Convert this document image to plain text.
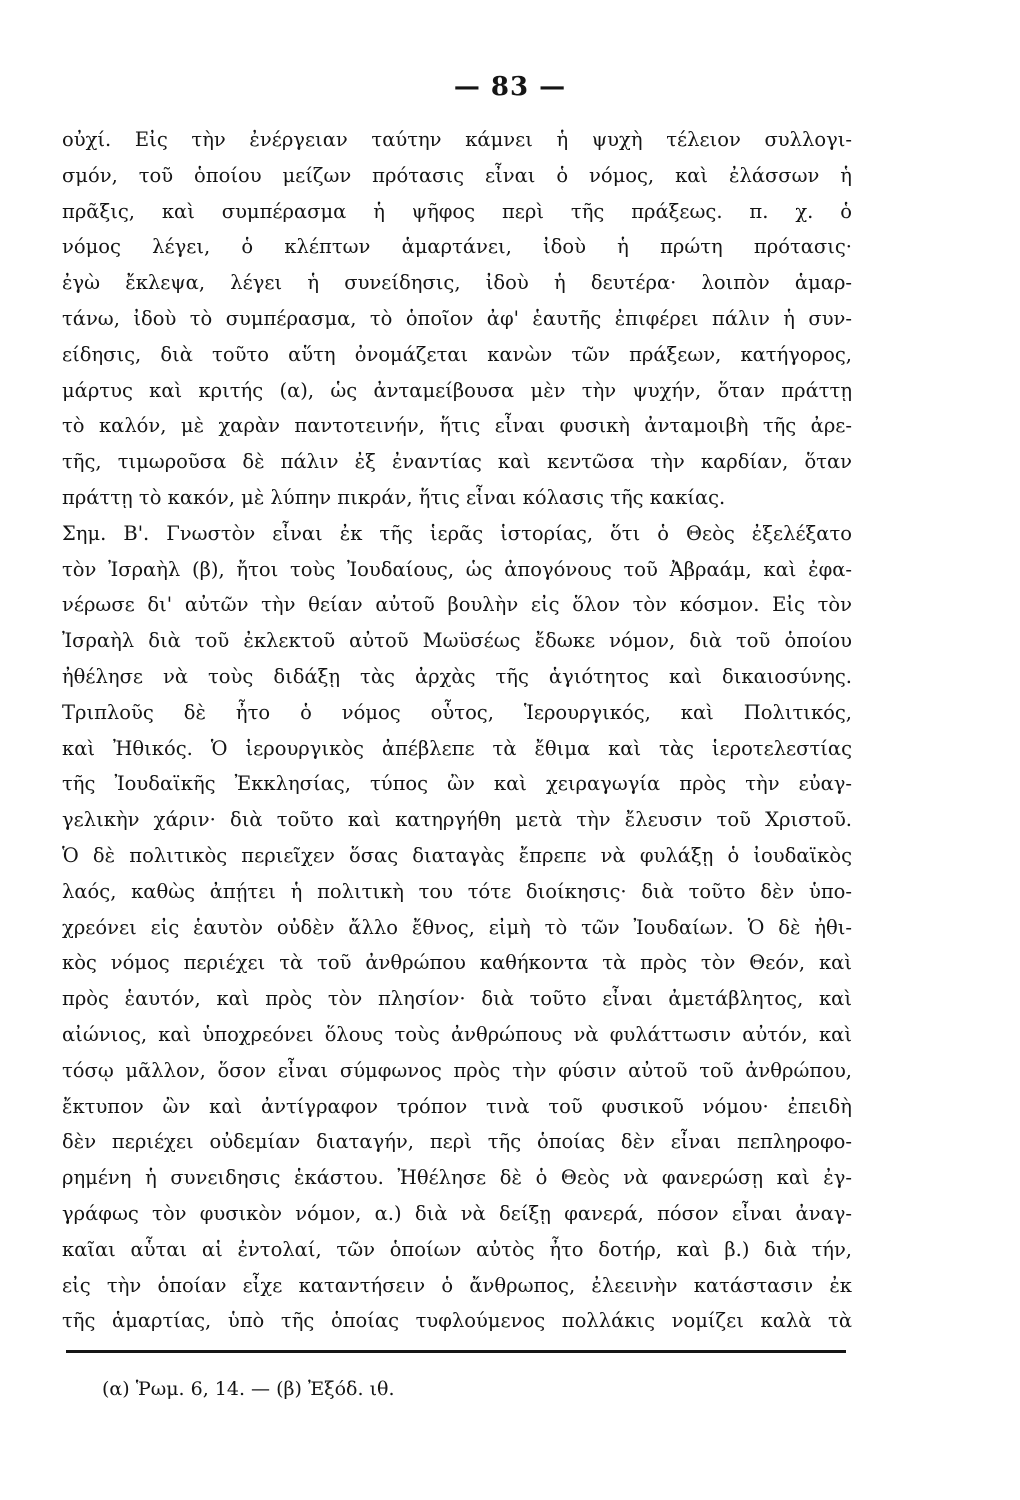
— 83 —
οὐχί. Εἰς τὴν ἐνέργειαν ταύτην κάμνει ἡ ψυχὴ τέλειον συλλογι-
σμόν, τοῦ ὁποίου μείζων πρότασις εἶναι ὁ νόμος, καὶ ἐλάσσων ἡ
πρᾶξις, καὶ συμπέρασμα ἡ ψῆφος περὶ τῆς πράξεως. π. χ. ὁ
νόμος λέγει, ὁ κλέπτων ἁμαρτάνει, ἰδοὺ ἡ πρώτη πρότασις·
ἐγὼ ἔκλεψα, λέγει ἡ συνείδησις, ἰδοὺ ἡ δευτέρα· λοιπὸν ἁμαρ-
τάνω, ἰδοὺ τὸ συμπέρασμα, τὸ ὁποῖον ἀφ' ἑαυτῆς ἐπιφέρει πάλιν ἡ συν-
είδησις, διὰ τοῦτο αὕτη ὀνομάζεται κανὼν τῶν πράξεων, κατήγορος,
μάρτυς καὶ κριτής (α), ὡς ἀνταμείβουσα μὲν τὴν ψυχήν, ὅταν πράττῃ
τὸ καλόν, μὲ χαρὰν παντοτεινήν, ἥτις εἶναι φυσικὴ ἀνταμοιβὴ τῆς ἀρε-
τῆς, τιμωροῦσα δὲ πάλιν ἐξ ἐναντίας καὶ κεντῶσα τὴν καρδίαν, ὅταν
πράττῃ τὸ κακόν, μὲ λύπην πικράν, ἥτις εἶναι κόλασις τῆς κακίας.
Σημ. Β'. Γνωστὸν εἶναι ἐκ τῆς ἱερᾶς ἱστορίας, ὅτι ὁ Θεὸς ἐξελέξατο
τὸν Ἰσραὴλ (β), ἤτοι τοὺς Ἰουδαίους, ὡς ἀπογόνους τοῦ Ἀβραάμ, καὶ ἐφα-
νέρωσε δι' αὐτῶν τὴν θείαν αὐτοῦ βουλὴν εἰς ὅλον τὸν κόσμον. Εἰς τὸν
Ἰσραὴλ διὰ τοῦ ἐκλεκτοῦ αὐτοῦ Μωϋσέως ἔδωκε νόμον, διὰ τοῦ ὁποίου
ἠθέλησε νὰ τοὺς διδάξῃ τὰς ἀρχὰς τῆς ἁγιότητος καὶ δικαιοσύνης.
Τριπλοῦς δὲ ἦτο ὁ νόμος οὗτος, Ἱερουργικός, καὶ Πολιτικός,
καὶ Ἠθικός. Ὁ ἱερουργικὸς ἀπέβλεπε τὰ ἔθιμα καὶ τὰς ἱεροτελεστίας
τῆς Ἰουδαϊκῆς Ἐκκλησίας, τύπος ὢν καὶ χειραγωγία πρὸς τὴν εὐαγ-
γελικὴν χάριν· διὰ τοῦτο καὶ κατηργήθη μετὰ τὴν ἔλευσιν τοῦ Χριστοῦ.
Ὁ δὲ πολιτικὸς περιεῖχεν ὅσας διαταγὰς ἔπρεπε νὰ φυλάξῃ ὁ ἰουδαϊκὸς
λαός, καθὼς ἀπῄτει ἡ πολιτικὴ του τότε διοίκησις· διὰ τοῦτο δὲν ὑπο-
χρεόνει εἰς ἑαυτὸν οὐδὲν ἄλλο ἔθνος, εἰμὴ τὸ τῶν Ἰουδαίων. Ὁ δὲ ἠθι-
κὸς νόμος περιέχει τὰ τοῦ ἀνθρώπου καθήκοντα τὰ πρὸς τὸν Θεόν, καὶ
πρὸς ἑαυτόν, καὶ πρὸς τὸν πλησίον· διὰ τοῦτο εἶναι ἀμετάβλητος, καὶ
αἰώνιος, καὶ ὑποχρεόνει ὅλους τοὺς ἀνθρώπους νὰ φυλάττωσιν αὐτόν, καὶ
τόσῳ μᾶλλον, ὅσον εἶναι σύμφωνος πρὸς τὴν φύσιν αὐτοῦ τοῦ ἀνθρώπου,
ἔκτυπον ὢν καὶ ἀντίγραφον τρόπον τινὰ τοῦ φυσικοῦ νόμου· ἐπειδὴ
δὲν περιέχει οὐδεμίαν διαταγήν, περὶ τῆς ὁποίας δὲν εἶναι πεπληροφο-
ρημένη ἡ συνειδησις ἑκάστου. Ἠθέλησε δὲ ὁ Θεὸς νὰ φανερώσῃ καὶ ἐγ-
γράφως τὸν φυσικὸν νόμον, α.) διὰ νὰ δείξῃ φανερά, πόσον εἶναι ἀναγ-
καῖαι αὗται αἱ ἐντολαί, τῶν ὁποίων αὐτὸς ἦτο δοτήρ, καὶ β.) διὰ τήν,
εἰς τὴν ὁποίαν εἶχε καταντήσειν ὁ ἄνθρωπος, ἐλεεινὴν κατάστασιν ἐκ
τῆς ἁμαρτίας, ὑπὸ τῆς ὁποίας τυφλούμενος πολλάκις νομίζει καλὰ τὰ
(α) Ῥωμ. 6, 14. — (β) Ἐξόδ. ιθ.
